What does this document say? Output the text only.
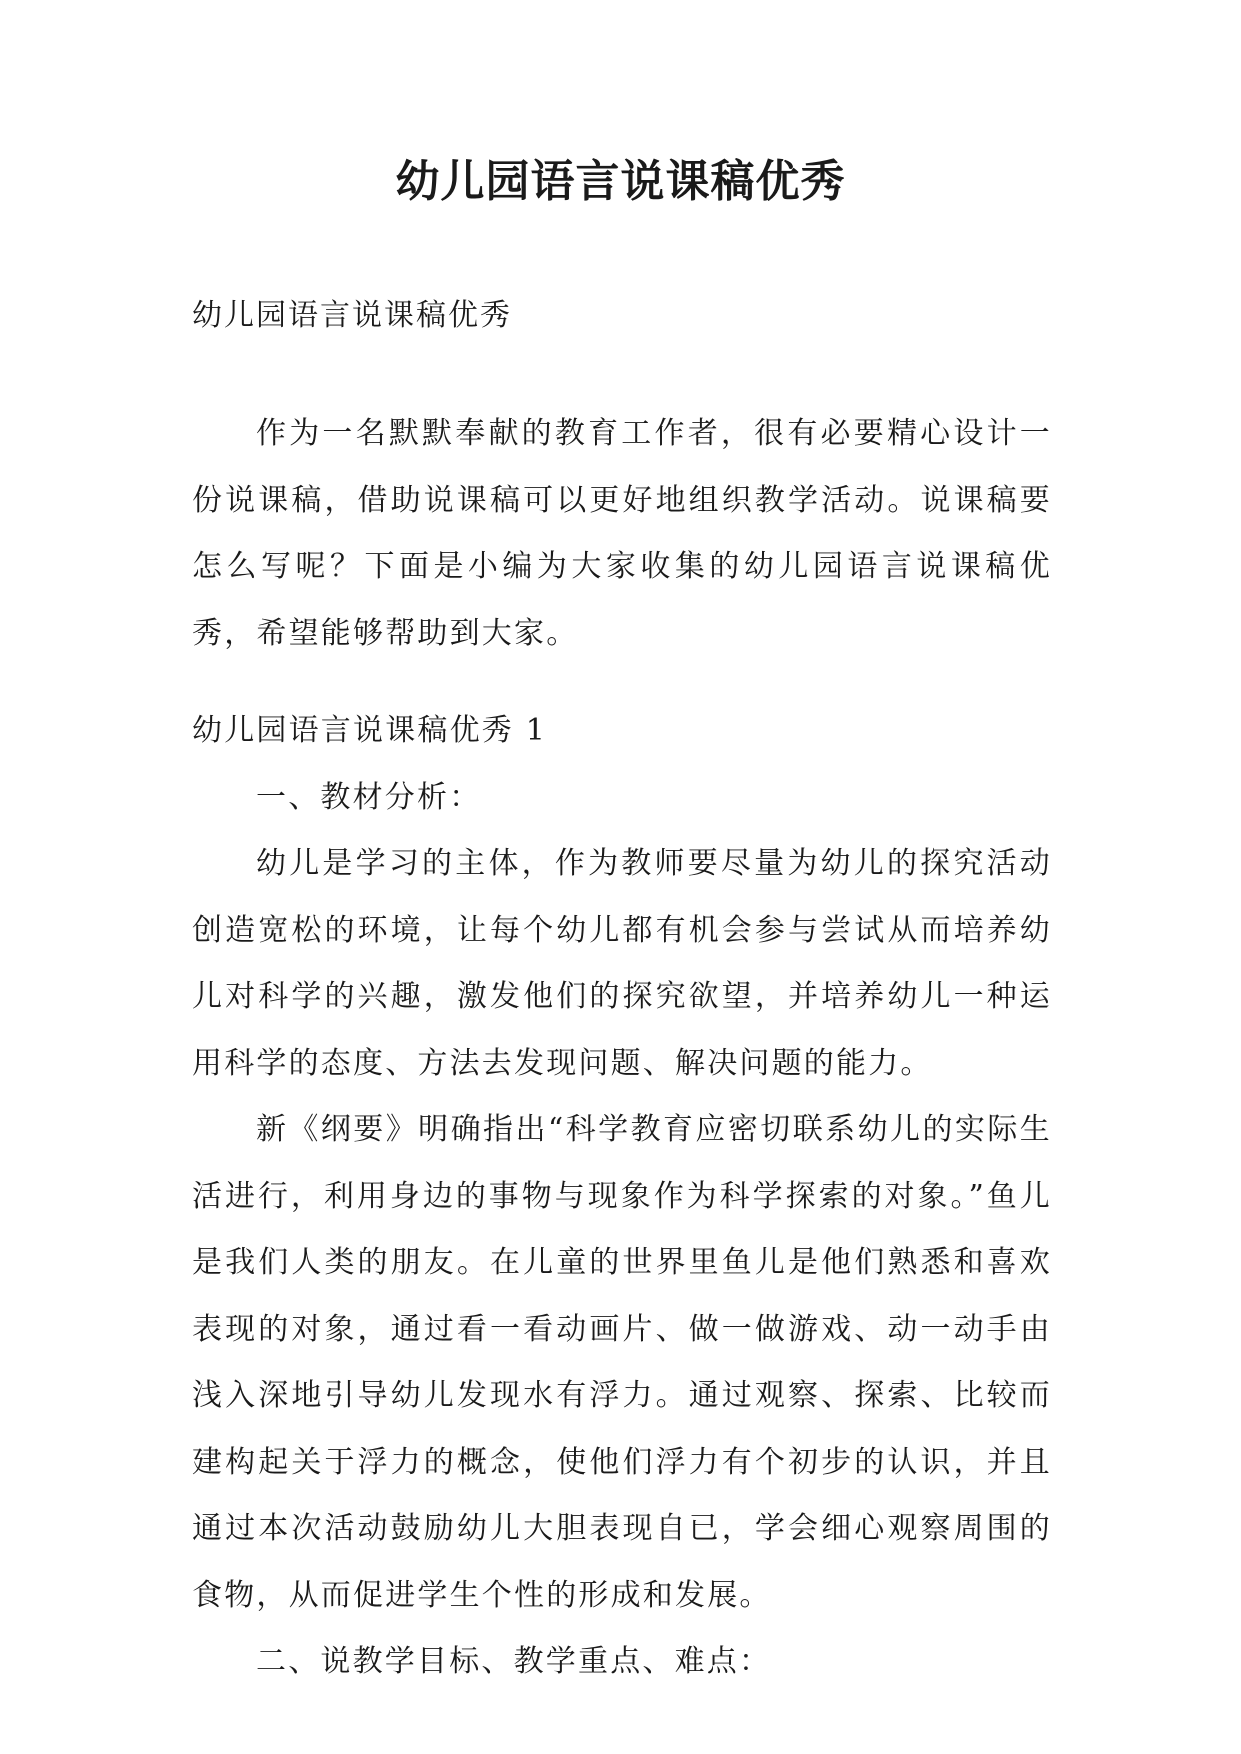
幼儿园语言说课稿优秀

幼儿园语言说课稿优秀

作为一名默默奉献的教育工作者，很有必要精心设计一份说课稿，借助说课稿可以更好地组织教学活动。说课稿要怎么写呢？下面是小编为大家收集的幼儿园语言说课稿优秀，希望能够帮助到大家。

幼儿园语言说课稿优秀 1

一、教材分析：

幼儿是学习的主体，作为教师要尽量为幼儿的探究活动创造宽松的环境，让每个幼儿都有机会参与尝试从而培养幼儿对科学的兴趣，激发他们的探究欲望，并培养幼儿一种运用科学的态度、方法去发现问题、解决问题的能力。

新《纲要》明确指出“科学教育应密切联系幼儿的实际生活进行，利用身边的事物与现象作为科学探索的对象。”鱼儿是我们人类的朋友。在儿童的世界里鱼儿是他们熟悉和喜欢表现的对象，通过看一看动画片、做一做游戏、动一动手由浅入深地引导幼儿发现水有浮力。通过观察、探索、比较而建构起关于浮力的概念，使他们浮力有个初步的认识，并且通过本次活动鼓励幼儿大胆表现自已，学会细心观察周围的食物，从而促进学生个性的形成和发展。

二、说教学目标、教学重点、难点：
